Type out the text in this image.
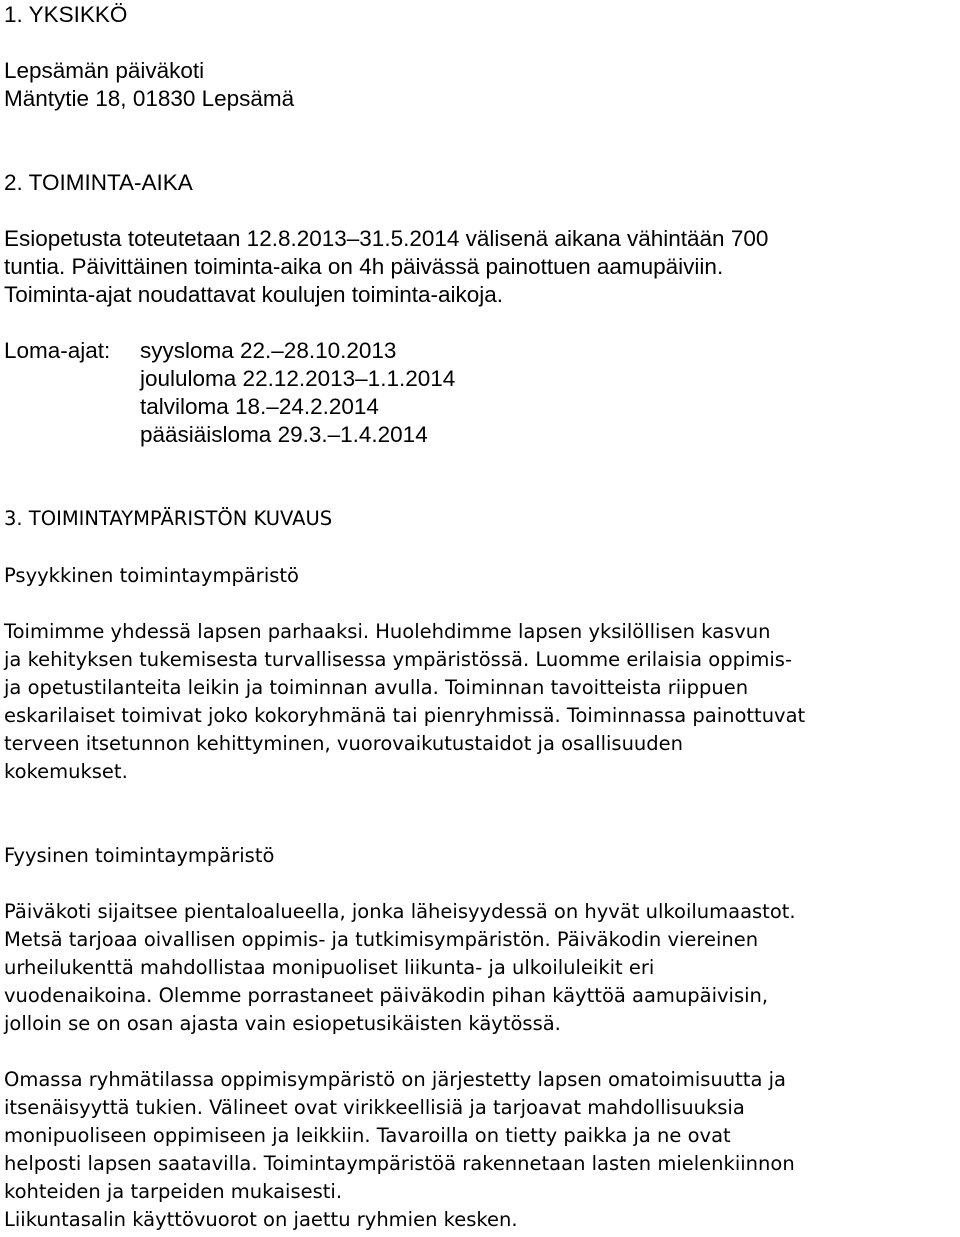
1. YKSIKKÖ

Lepsämän päiväkoti

Mäntytie 18, 01830 Lepsämä

2. TOIMINTA-AIKA

Esiopetusta toteutetaan 12.8.2013–31.5.2014 välisenä aikana vähintään 700

tuntia. Päivittäinen toiminta-aika on 4h päivässä painottuen aamupäiviin.

Toiminta-ajat noudattavat koulujen toiminta-aikoja.

Loma-ajat: syysloma 22.–28.10.2013

joululoma 22.12.2013–1.1.2014

talviloma 18.–24.2.2014

pääsiäisloma 29.3.–1.4.2014

3. TOIMINTAYMPÄRISTÖN KUVAUS

Psyykkinen toimintaympäristö

Toimimme yhdessä lapsen parhaaksi. Huolehdimme lapsen yksilöllisen kasvun

ja kehityksen tukemisesta turvallisessa ympäristössä. Luomme erilaisia oppimis-

ja opetustilanteita leikin ja toiminnan avulla. Toiminnan tavoitteista riippuen

eskarilaiset toimivat joko kokoryhmänä tai pienryhmissä. Toiminnassa painottuvat

terveen itsetunnon kehittyminen, vuorovaikutustaidot ja osallisuuden

kokemukset.

Fyysinen toimintaympäristö

Päiväkoti sijaitsee pientaloalueella, jonka läheisyydessä on hyvät ulkoilumaastot.

Metsä tarjoaa oivallisen oppimis- ja tutkimisympäristön. Päiväkodin viereinen

urheilukenttä mahdollistaa monipuoliset liikunta- ja ulkoiluleikit eri

vuodenaikoina. Olemme porrastaneet päiväkodin pihan käyttöä aamupäivisin,

jolloin se on osan ajasta vain esiopetusikäisten käytössä.

Omassa ryhmätilassa oppimisympäristö on järjestetty lapsen omatoimisuutta ja

itsenäisyyttä tukien. Välineet ovat virikkeellisiä ja tarjoavat mahdollisuuksia

monipuoliseen oppimiseen ja leikkiin. Tavaroilla on tietty paikka ja ne ovat

helposti lapsen saatavilla. Toimintaympäristöä rakennetaan lasten mielenkiinnon

kohteiden ja tarpeiden mukaisesti.

Liikuntasalin käyttövuorot on jaettu ryhmien kesken.
